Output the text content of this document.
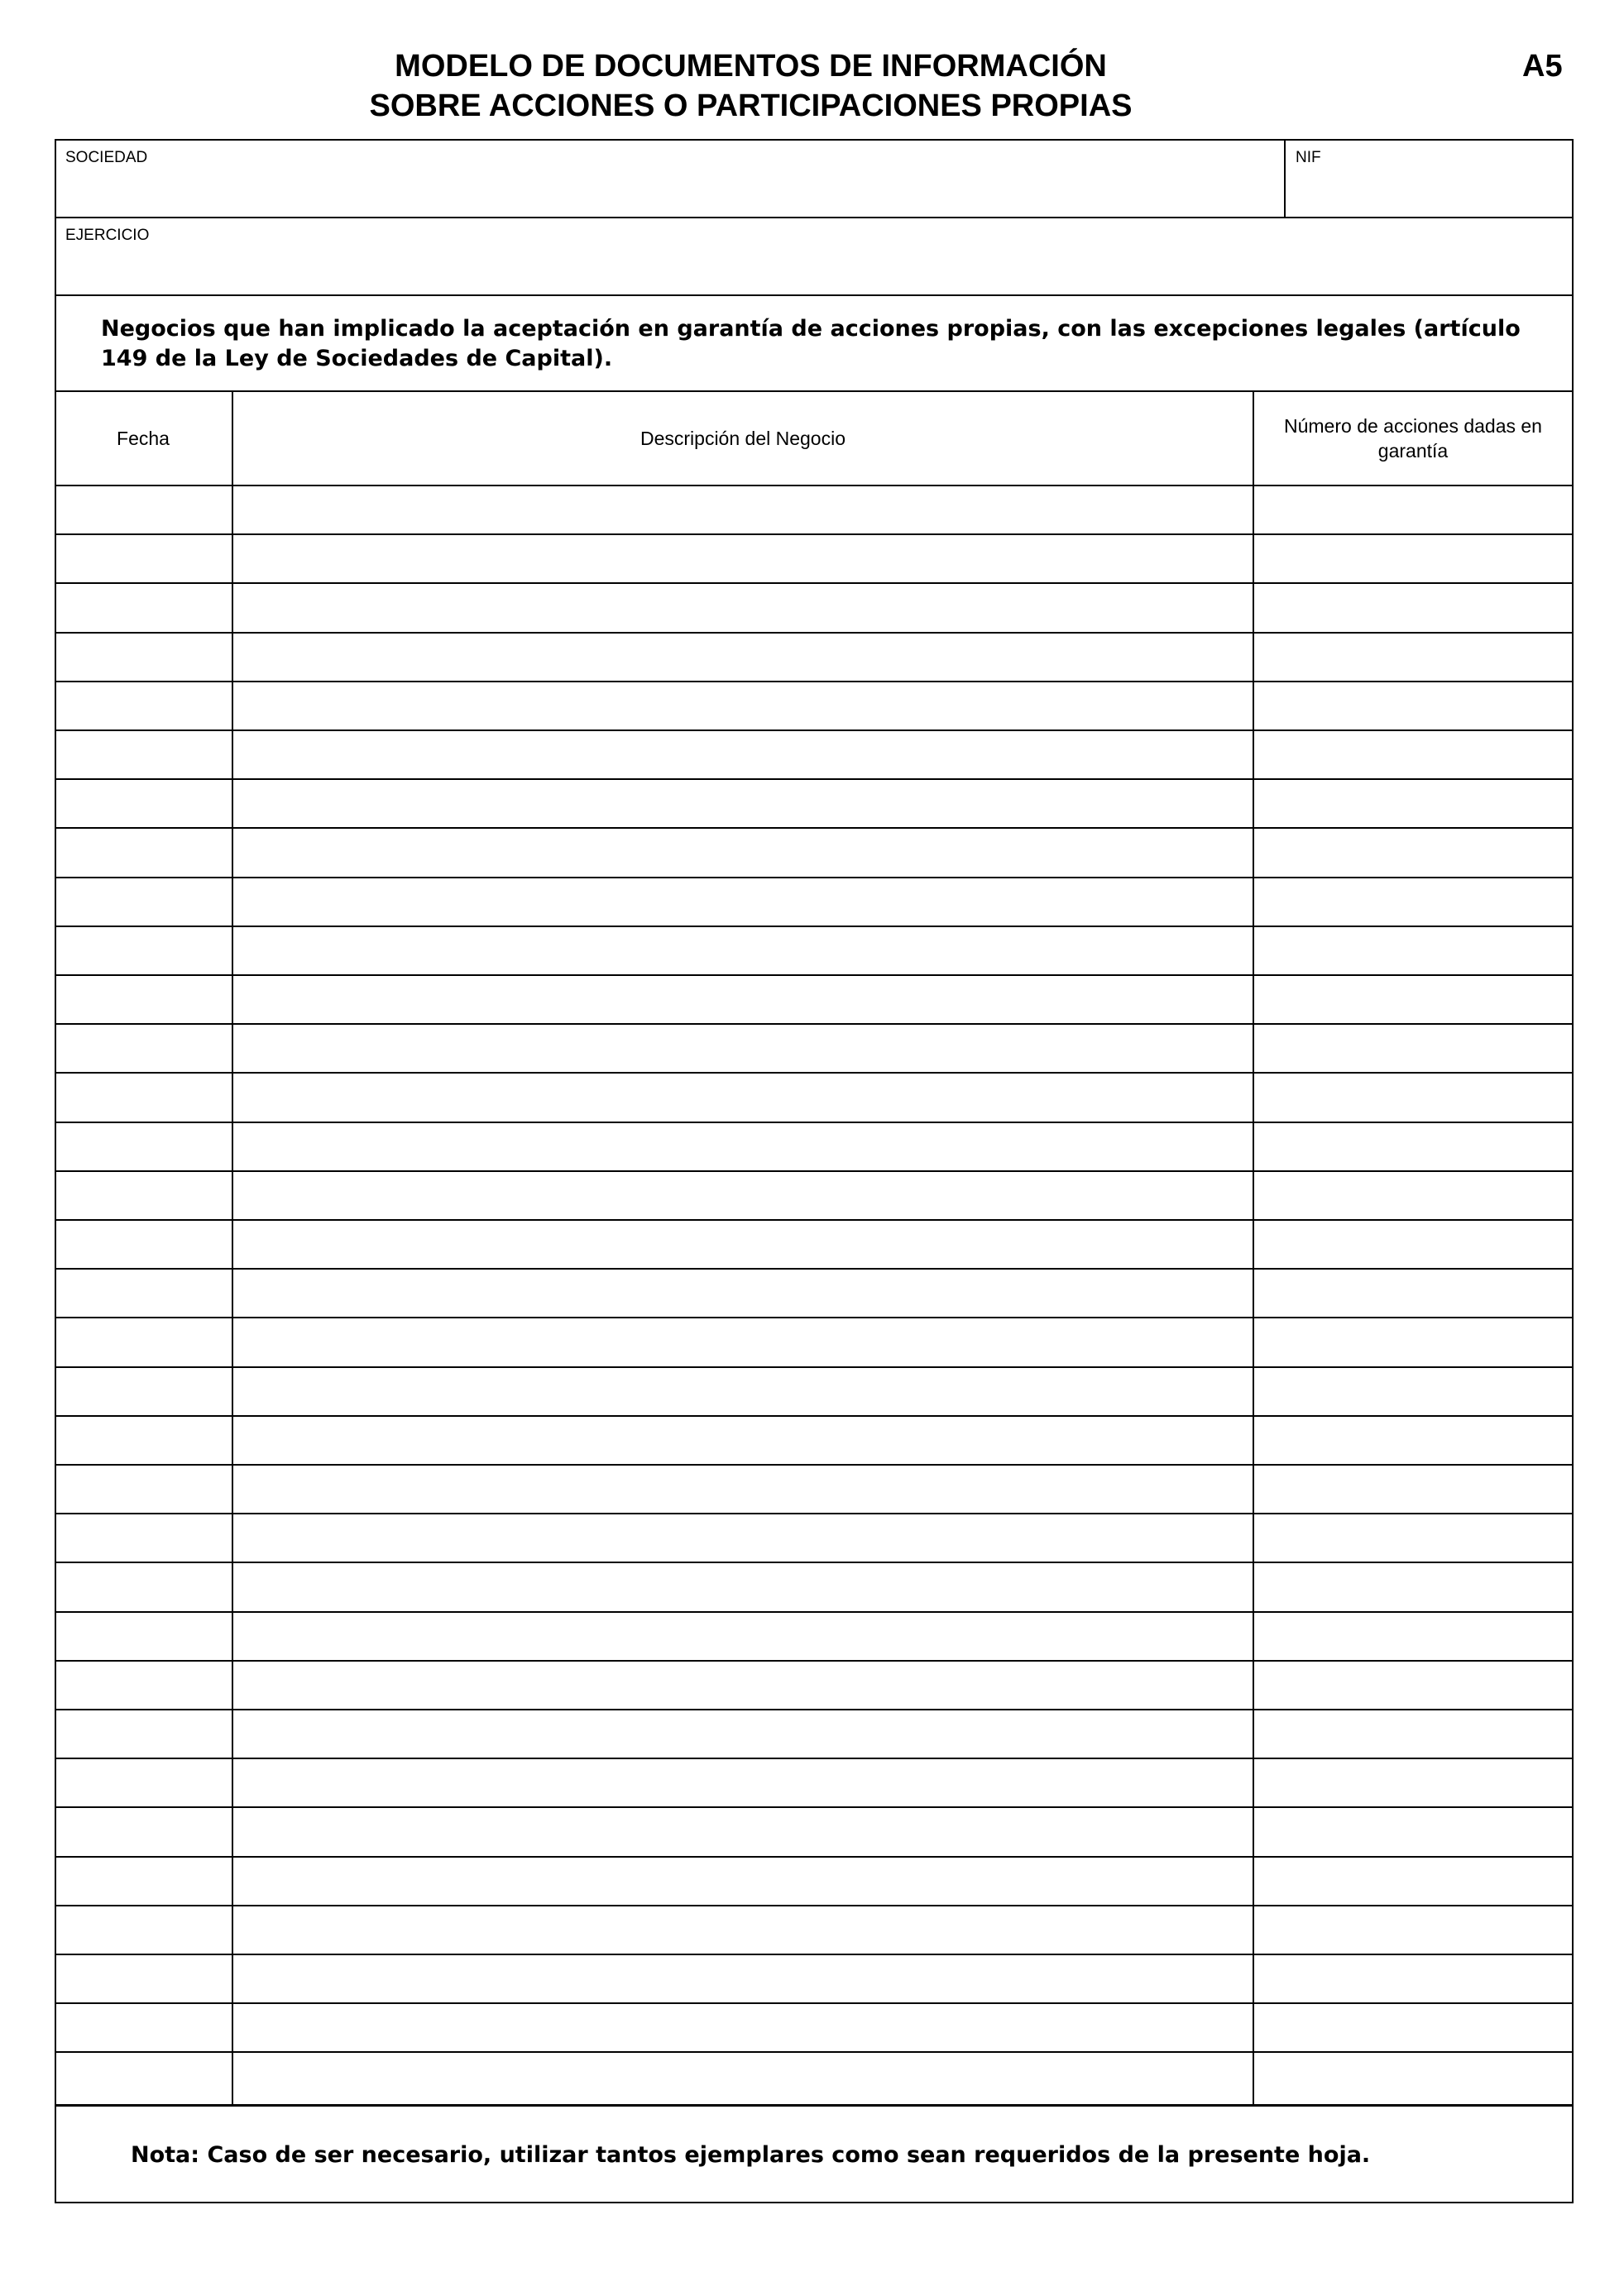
MODELO DE DOCUMENTOS DE INFORMACIÓN
SOBRE ACCIONES O PARTICIPACIONES PROPIAS
A5
SOCIEDAD	NIF
EJERCICIO
Negocios que han implicado la aceptación en garantía de acciones propias, con las excepciones legales (artículo 149 de la Ley de Sociedades de Capital).
Fecha	Descripción del Negocio
Número de acciones dadas en garantía
Nota: Caso de ser necesario, utilizar tantos ejemplares como sean requeridos de la presente hoja.
